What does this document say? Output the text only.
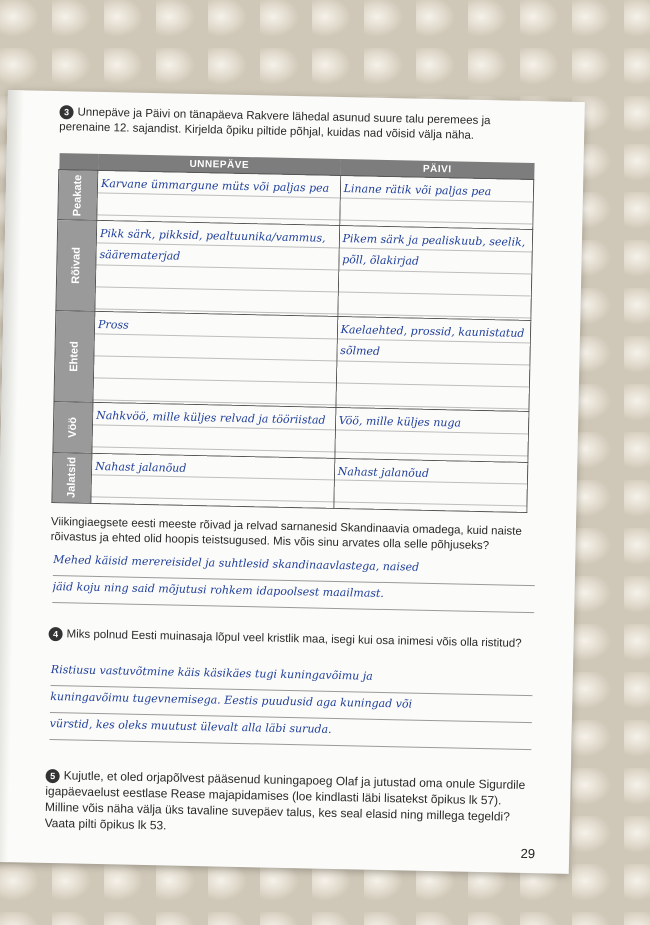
3 Unnepäve ja Päivi on tänapäeva Rakvere lähedal asunud suure talu peremees ja perenaine 12. sajandist. Kirjelda õpiku piltide põhjal, kuidas nad võisid välja näha.
	UNNEPÄVE	PÄIVI

Peakate	Karvane ümmargune müts või paljas pea	Linane rätik või paljas pea

Rõivad	Pikk särk, pikksid, pealtuunika/vammus, säärematerjad	Pikem särk ja pealiskuub, seelik, põll, õlakirjad

Ehted	Pross	Kaelaehted, prossid, kaunistatud sõlmed

Vöö	Nahkvöö, mille küljes relvad ja tööriistad	Vöö, mille küljes nuga

Jalatsid	Nahast jalanõud	Nahast jalanõud
Viikingiaegsete eesti meeste rõivad ja relvad sarnanesid Skandinaavia omadega, kuid naiste rõivastus ja ehted olid hoopis teistsugused. Mis võis sinu arvates olla selle põhjuseks?
Mehed käisid merereisidel ja suhtlesid skandinaavlastega, naised
jäid koju ning said mõjutusi rohkem idapoolsest maailmast.
4 Miks polnud Eesti muinasaja lõpul veel kristlik maa, isegi kui osa inimesi võis olla ristitud?
Ristiusu vastuvõtmine käis käsikäes tugi kuningavõimu ja
kuningavõimu tugevnemisega. Eestis puudusid aga kuningad või
vürstid, kes oleks muutust ülevalt alla läbi suruda.
5 Kujutle, et oled orjapõlvest pääsenud kuningapoeg Olaf ja jutustad oma onule Sigurdile igapäevaelust eestlase Rease majapidamises (loe kindlasti läbi lisatekst õpikus lk 57). Milline võis näha välja üks tavaline suvepäev talus, kes seal elasid ning millega tegeldi? Vaata pilti õpikus lk 53.
29
